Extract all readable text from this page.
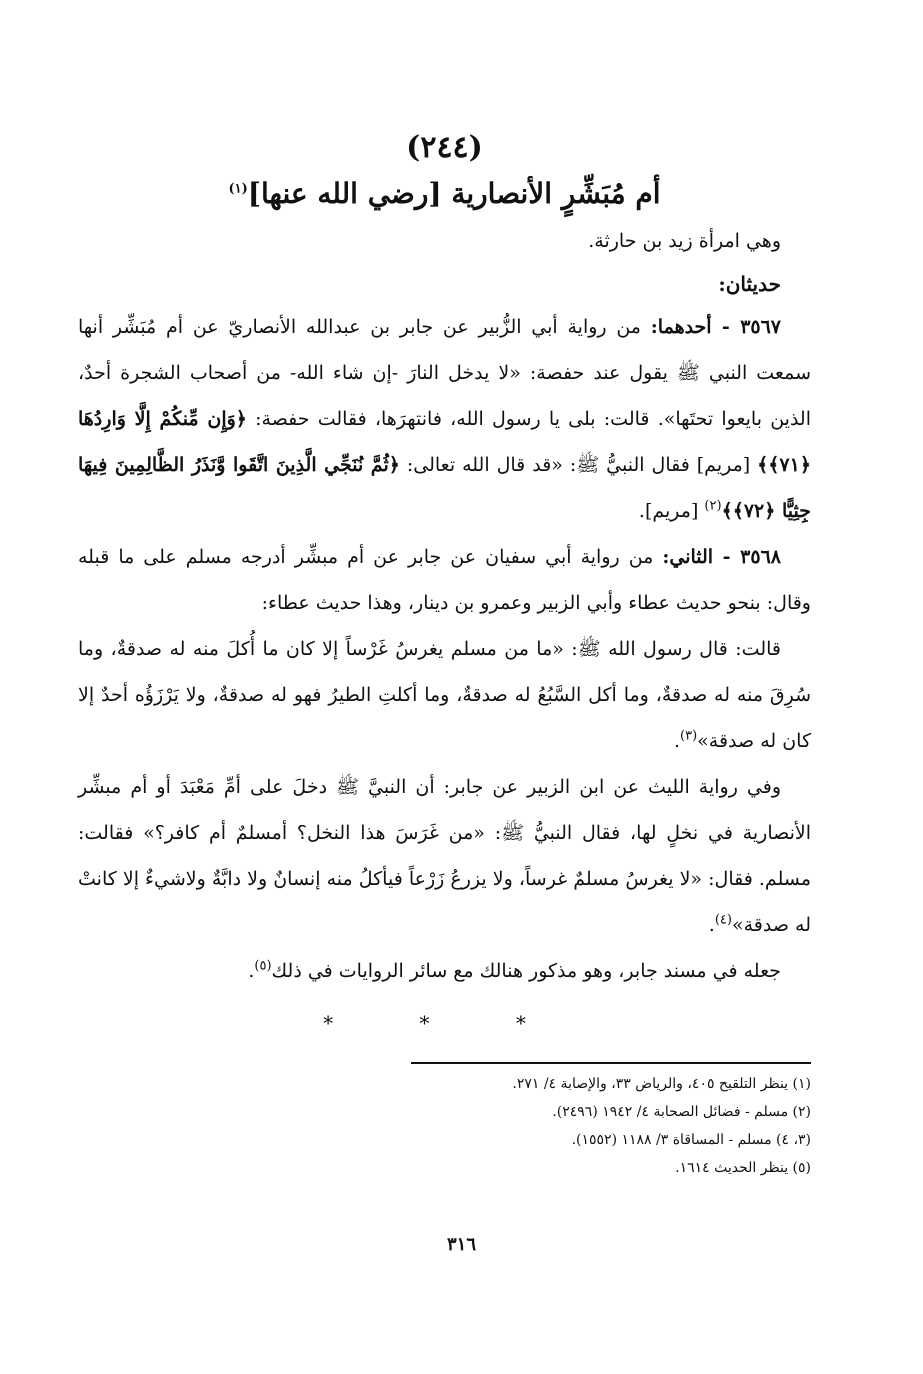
(٢٤٤)
أم مُبَشِّرٍ الأنصارية [رضي الله عنها]$^{(١)}$

وهي امرأة زيد بن حارثة.

حديثان:

٣٥٦٧ - أحدهما: من رواية أبي الزُّبير عن جابر بن عبدالله الأنصاريّ عن أم مُبَشِّر أنها سمعت النبي ﷺ يقول عند حفصة: «لا يدخل النارَ -إن شاء الله- من أصحاب الشجرة أحدٌ، الذين بايعوا تحتَها». قالت: بلى يا رسول الله، فانتهرَها، فقالت حفصة: ﴿وَإِن مِّنكُمْ إِلَّا وَارِدُهَا ﴿٧١﴾﴾ [مريم] فقال النبيُّ ﷺ: «قد قال الله تعالى: ﴿ثُمَّ نُنَجِّي الَّذِينَ اتَّقَوا وَّنَذَرُ الظَّالِمِينَ فِيهَا جِثِيًّا ﴿٧٢﴾﴾$^{(٢)}$ [مريم].

٣٥٦٨ - الثاني: من رواية أبي سفيان عن جابر عن أم مبشِّر أدرجه مسلم على ما قبله وقال: بنحو حديث عطاء وأبي الزبير وعمرو بن دينار، وهذا حديث عطاء:

قالت: قال رسول الله ﷺ: «ما من مسلم يغرسُ غَرْساً إلا كان ما أُكلَ منه له صدقةٌ، وما سُرِقَ منه له صدقةٌ، وما أكل السَّبُعُ له صدقةٌ، وما أكلتِ الطيرُ فهو له صدقةٌ، ولا يَرْزَؤُه أحدٌ إلا كان له صدقة»$^{(٣)}$.

وفي رواية الليث عن ابن الزبير عن جابر: أن النبيَّ ﷺ دخلَ على أمِّ مَعْبَدَ أو أم مبشِّر الأنصارية في نخلٍ لها، فقال النبيُّ ﷺ: «من غَرَسَ هذا النخل؟ أمسلمٌ أم كافر؟» فقالت: مسلم. فقال: «لا يغرسُ مسلمٌ غرساً، ولا يزرعُ زَرْعاً فيأكلُ منه إنسانٌ ولا دابَّةٌ ولاشيءٌ إلا كانتْ له صدقة»$^{(٤)}$.

جعله في مسند جابر، وهو مذكور هنالك مع سائر الروايات في ذلك$^{(٥)}$.

* * *

(١) ينظر التلقيح ٤٠٥، والرياض ٣٣، والإصابة ٤/ ٢٧١.

(٢) مسلم - فضائل الصحابة ٤/ ١٩٤٢ (٢٤٩٦).

(٣، ٤) مسلم - المساقاة ٣/ ١١٨٨ (١٥٥٢).

(٥) ينظر الحديث ١٦١٤.

٣١٦
